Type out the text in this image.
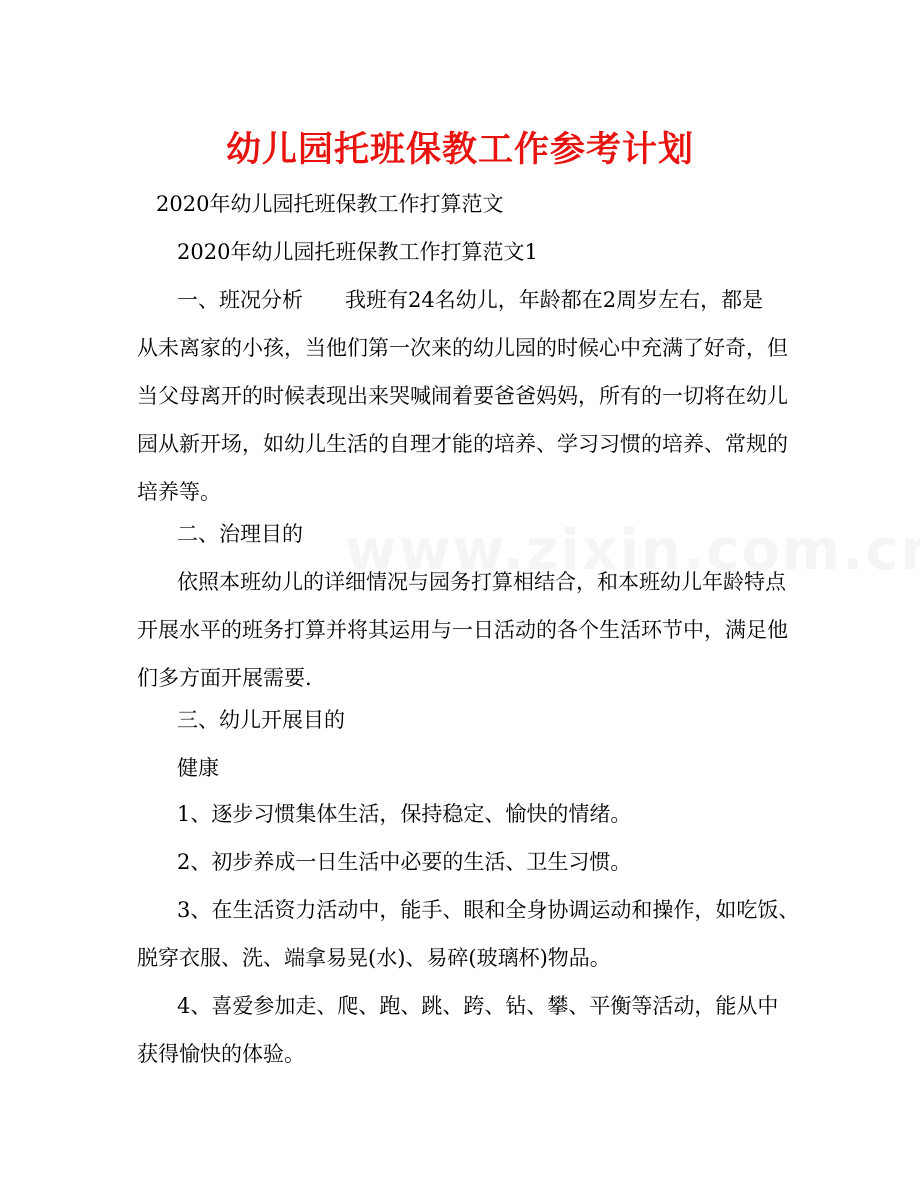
幼儿园托班保教工作参考计划
2020年幼儿园托班保教工作打算范文
2020年幼儿园托班保教工作打算范文1
一、班况分析　　我班有24名幼儿，年龄都在2周岁左右，都是
从未离家的小孩，当他们第一次来的幼儿园的时候心中充满了好奇，但
当父母离开的时候表现出来哭喊闹着要爸爸妈妈，所有的一切将在幼儿
园从新开场，如幼儿生活的自理才能的培养、学习习惯的培养、常规的
培养等。
二、治理目的
依照本班幼儿的详细情况与园务打算相结合，和本班幼儿年龄特点
开展水平的班务打算并将其运用与一日活动的各个生活环节中，满足他
们多方面开展需要.
三、幼儿开展目的
健康
1、逐步习惯集体生活，保持稳定、愉快的情绪。
2、初步养成一日生活中必要的生活、卫生习惯。
3、在生活资力活动中，能手、眼和全身协调运动和操作，如吃饭、
脱穿衣服、洗、端拿易晃(水)、易碎(玻璃杯)物品。
4、喜爱参加走、爬、跑、跳、跨、钻、攀、平衡等活动，能从中
获得愉快的体验。
